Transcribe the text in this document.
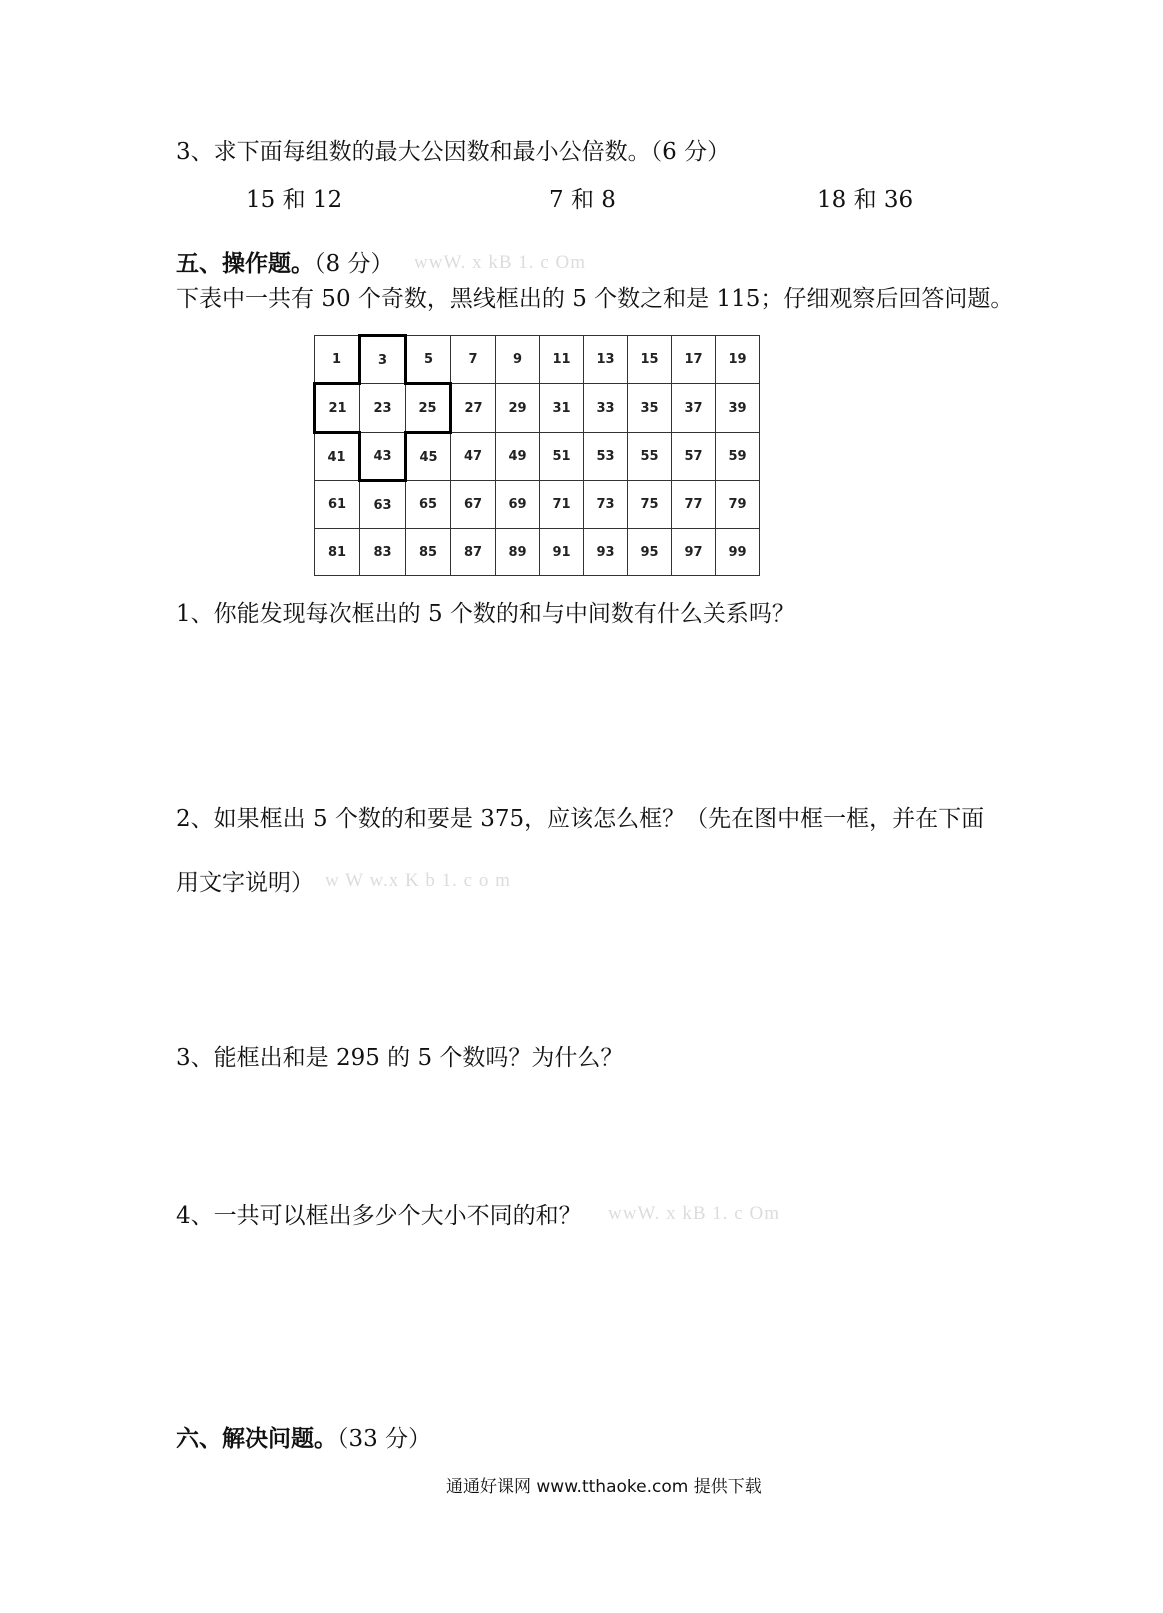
3、求下面每组数的最大公因数和最小公倍数。（6 分）
15 和 12	7 和 8	18 和 36
五、操作题。（8 分） wwW. x kB 1. c Om
下表中一共有 50 个奇数，黑线框出的 5 个数之和是 115；仔细观察后回答问题。
1	3	5	7	9	11	13	15	17	19
21	23	25	27	29	31	33	35	37	39
41	43	45	47	49	51	53	55	57	59
61	63	65	67	69	71	73	75	77	79
81	83	85	87	89	91	93	95	97	99
1、你能发现每次框出的 5 个数的和与中间数有什么关系吗？
2、如果框出 5 个数的和要是 375，应该怎么框？（先在图中框一框，并在下面
用文字说明） w W w.x K b 1. c o m
3、能框出和是 295 的 5 个数吗？为什么？
4、一共可以框出多少个大小不同的和？ wwW. x kB 1. c Om
六、解决问题。（33 分）
通通好课网 www.tthaoke.com 提供下载
